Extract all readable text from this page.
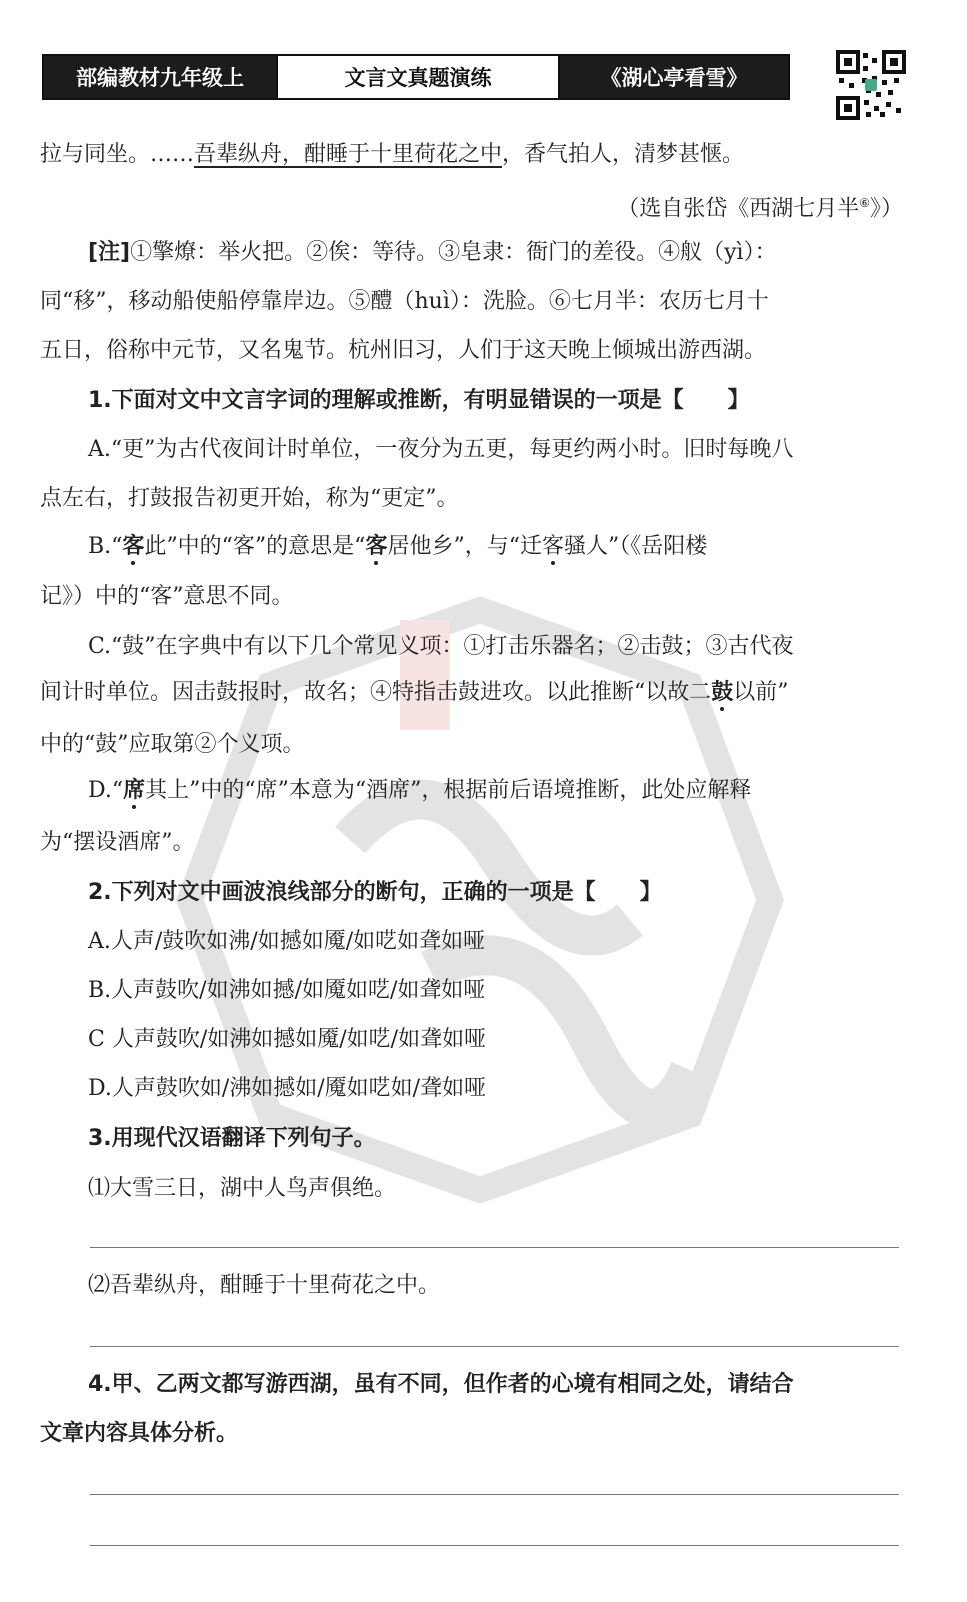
部编教材九年级上	文言文真题演练	《湖心亭看雪》
拉与同坐。……吾辈纵舟，酣睡于十里荷花之中，香气拍人，清梦甚惬。
（选自张岱《西湖七月半⑥》）
[注]①擎燎：举火把。②俟：等待。③皂隶：衙门的差役。④舣（yì）：
同“移”，移动船使船停靠岸边。⑤醴（huì）：洗脸。⑥七月半：农历七月十
五日，俗称中元节，又名鬼节。杭州旧习，人们于这天晚上倾城出游西湖。
1.下面对文中文言字词的理解或推断，有明显错误的一项是【　　】
A.“更”为古代夜间计时单位，一夜分为五更，每更约两小时。旧时每晚八
点左右，打鼓报告初更开始，称为“更定”。
B.“客此”中的“客”的意思是“客居他乡”，与“迁客骚人”（《岳阳楼
记》）中的“客”意思不同。
C.“鼓”在字典中有以下几个常见义项：①打击乐器名；②击鼓；③古代夜
间计时单位。因击鼓报时，故名；④特指击鼓进攻。以此推断“以故二鼓以前”
中的“鼓”应取第②个义项。
D.“席其上”中的“席”本意为“酒席”，根据前后语境推断，此处应解释
为“摆设酒席”。
2.下列对文中画波浪线部分的断句，正确的一项是【　　】
A.人声/鼓吹如沸/如撼如魇/如呓如聋如哑
B.人声鼓吹/如沸如撼/如魇如呓/如聋如哑
C 人声鼓吹/如沸如撼如魇/如呓/如聋如哑
D.人声鼓吹如/沸如撼如/魇如呓如/聋如哑
3.用现代汉语翻译下列句子。
⑴大雪三日，湖中人鸟声俱绝。
⑵吾辈纵舟，酣睡于十里荷花之中。
4.甲、乙两文都写游西湖，虽有不同，但作者的心境有相同之处，请结合
文章内容具体分析。
